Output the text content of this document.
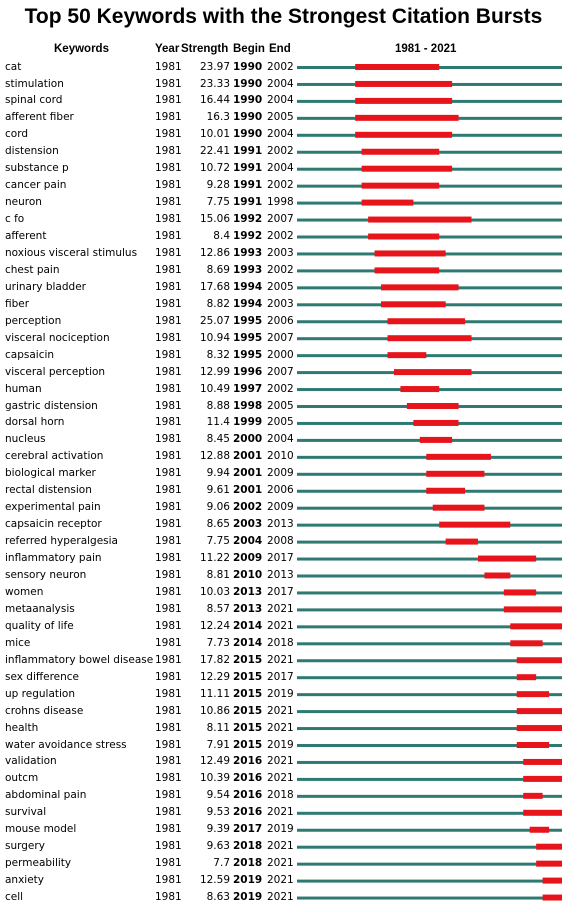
Top 50 Keywords with the Strongest Citation Bursts
Keywords	Year Strength Begin End	1981 - 2021
cat	1981	23.97 1990 2002
stimulation	1981	23.33 1990 2004
spinal cord	1981	16.44 1990 2004
afferent fiber	1981	16.3 1990 2005
cord	1981	10.01 1990 2004
distension	1981	22.41 1991 2002
substance p	1981	10.72 1991 2004
cancer pain	1981	9.28 1991 2002
neuron	1981	7.75 1991 1998
c fo	1981	15.06 1992 2007
afferent	1981	8.4 1992 2002
noxious visceral stimulus 1981	12.86 1993 2003
chest pain	1981	8.69 1993 2002
urinary bladder	1981	17.68 1994 2005
fiber	1981	8.82 1994 2003
perception	1981	25.07 1995 2006
visceral nociception	1981	10.94 1995 2007
capsaicin	1981	8.32 1995 2000
visceral perception	1981	12.99 1996 2007
human	1981	10.49 1997 2002
gastric distension	1981	8.88 1998 2005
dorsal horn	1981	11.4 1999 2005
nucleus	1981	8.45 2000 2004
cerebral activation	1981	12.88 2001 2010
biological marker	1981	9.94 2001 2009
rectal distension	1981	9.61 2001 2006
experimental pain	1981	9.06 2002 2009
capsaicin receptor	1981	8.65 2003 2013
referred hyperalgesia	1981	7.75 2004 2008
inflammatory pain	1981	11.22 2009 2017
sensory neuron	1981	8.81 2010 2013
women	1981	10.03 2013 2017
metaanalysis	1981	8.57 2013 2021
quality of life	1981	12.24 2014 2021
mice	1981	7.73 2014 2018
inflammatory bowel disease 1981	17.82 2015 2021
sex difference	1981	12.29 2015 2017
up regulation	1981	11.11 2015 2019
crohns disease	1981	10.86 2015 2021
health	1981	8.11 2015 2021
water avoidance stress	1981	7.91 2015 2019
validation	1981	12.49 2016 2021
outcm	1981	10.39 2016 2021
abdominal pain	1981	9.54 2016 2018
survival	1981	9.53 2016 2021
mouse model	1981	9.39 2017 2019
surgery	1981	9.63 2018 2021
permeability	1981	7.7 2018 2021
anxiety	1981	12.59 2019 2021
cell	1981	8.63 2019 2021
